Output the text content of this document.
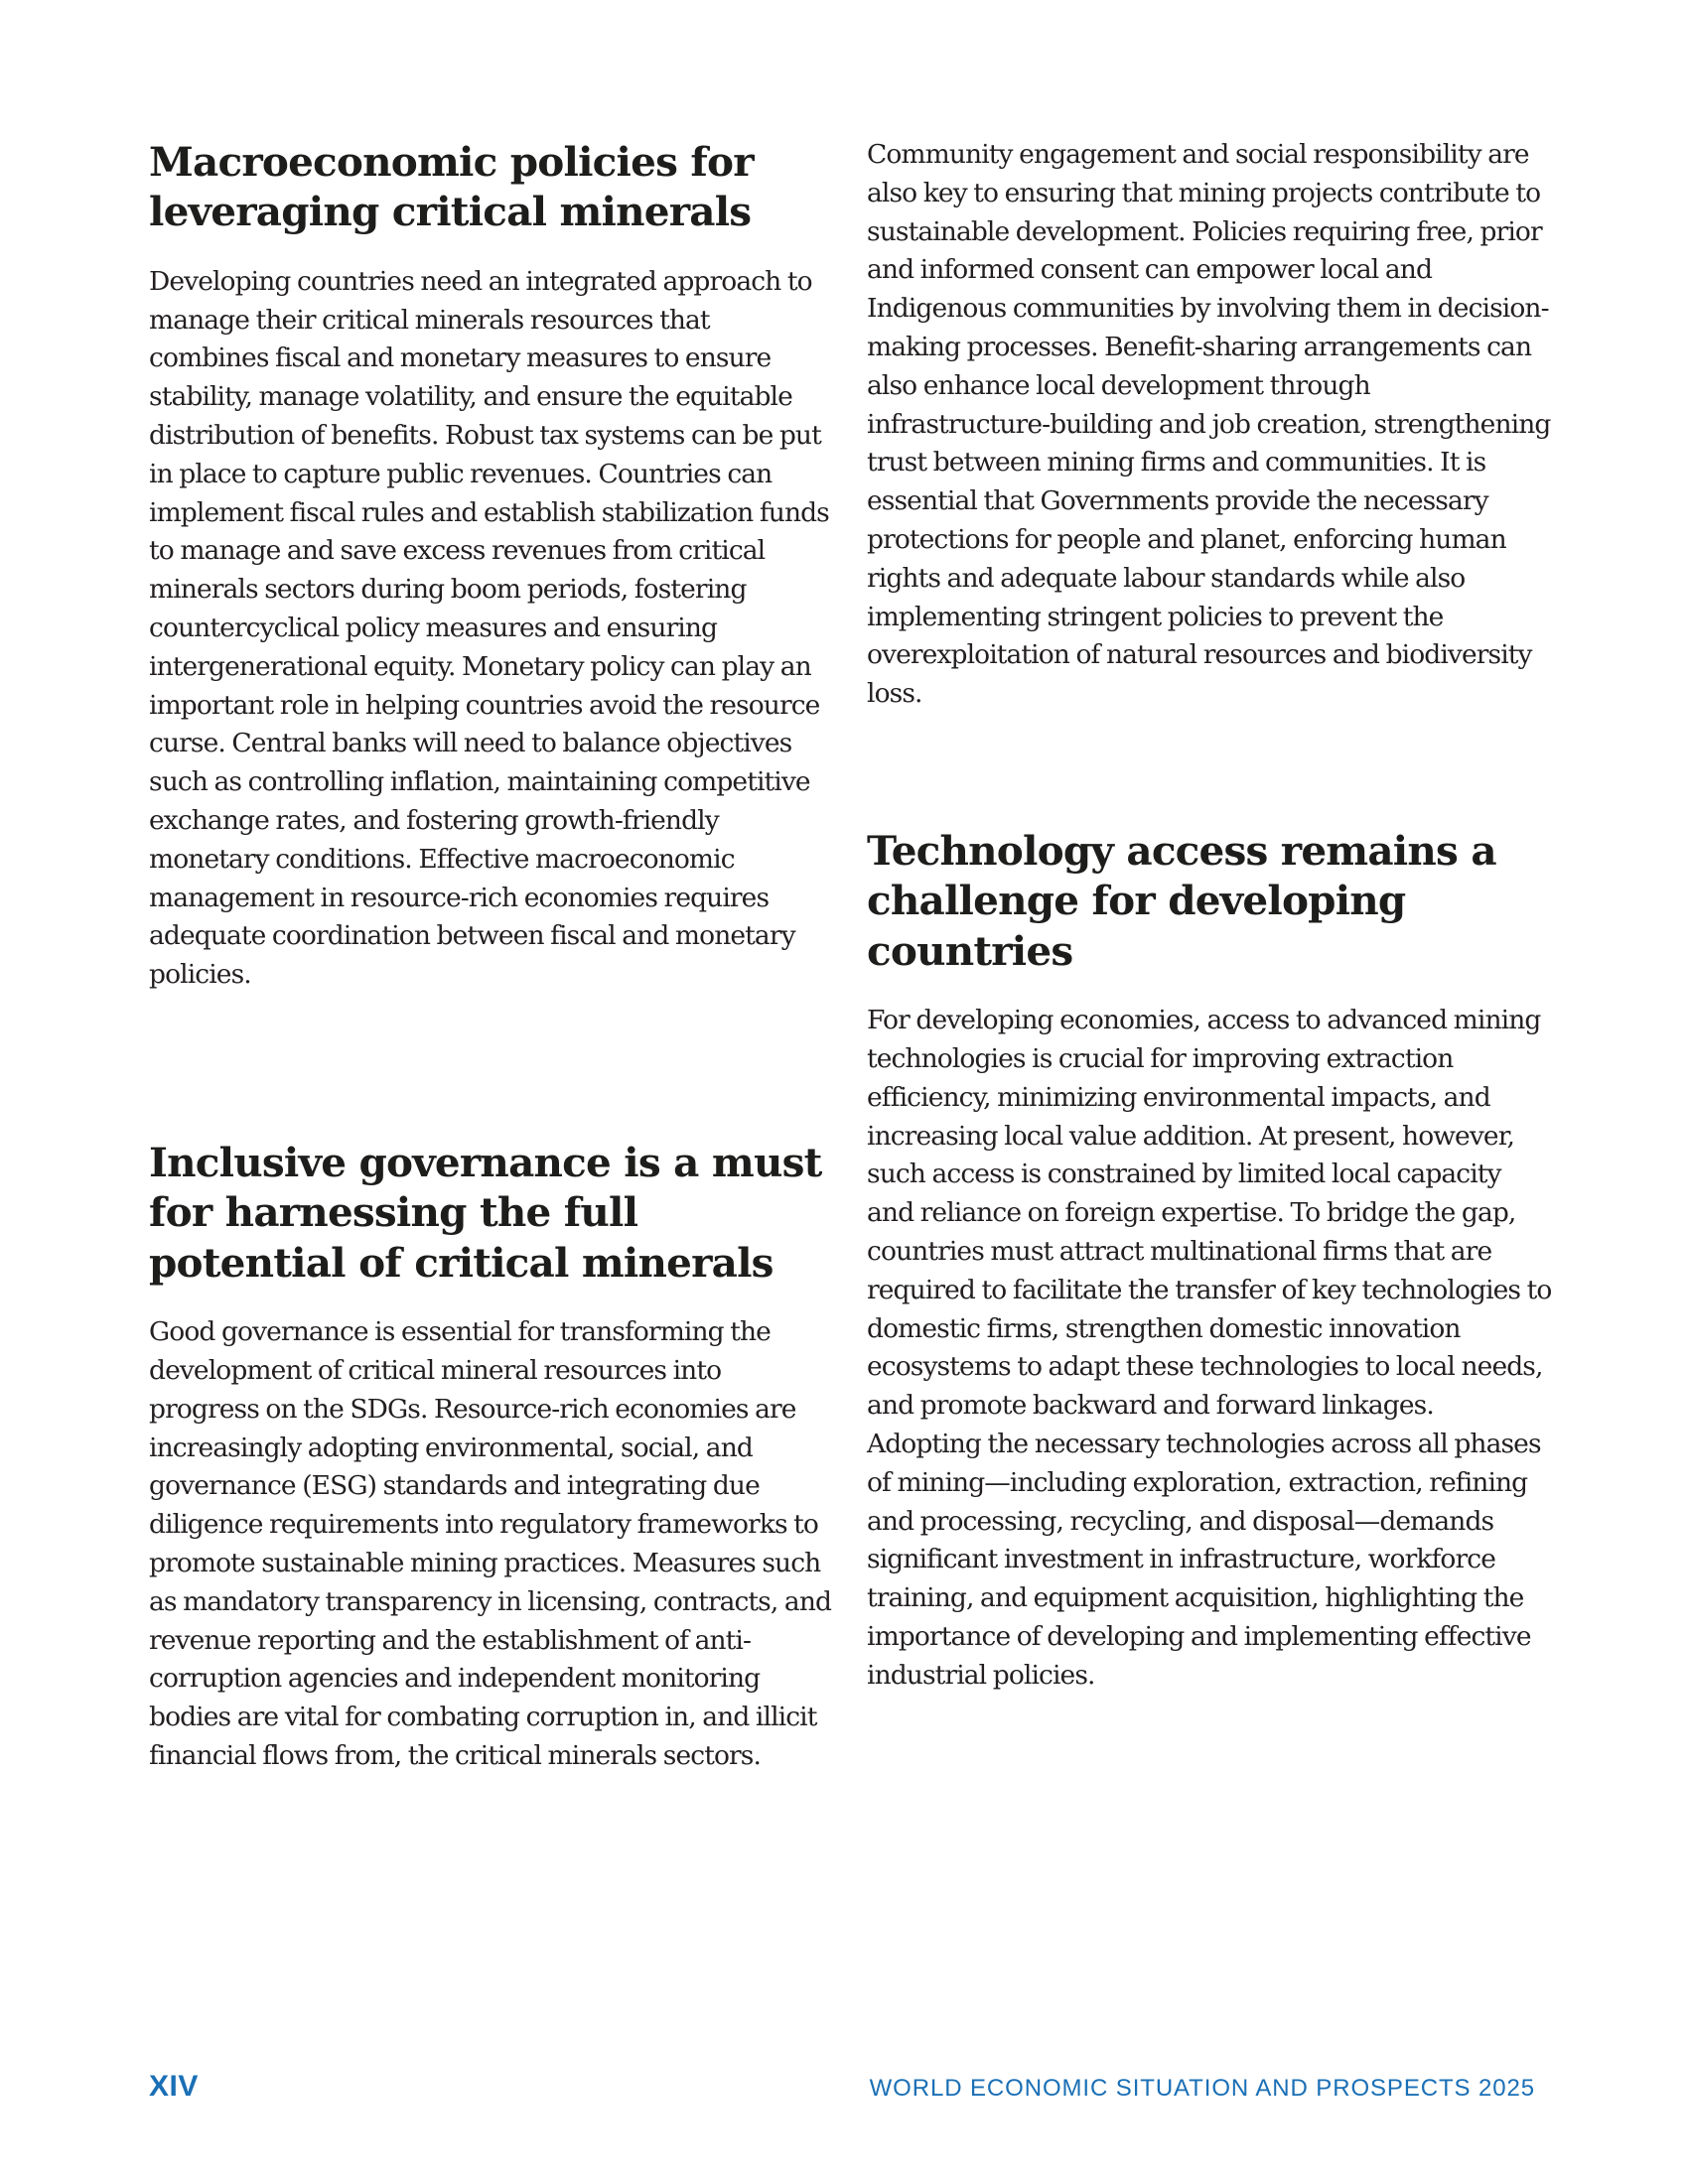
Macroeconomic policies for leveraging critical minerals

Developing countries need an integrated approach to manage their critical minerals resources that combines fiscal and monetary measures to ensure stability, manage volatility, and ensure the equitable distribution of benefits. Robust tax systems can be put in place to capture public revenues. Countries can implement fiscal rules and establish stabilization funds to manage and save excess revenues from critical minerals sectors during boom periods, fostering countercyclical policy measures and ensuring intergenerational equity. Monetary policy can play an important role in helping countries avoid the resource curse. Central banks will need to balance objectives such as controlling inflation, maintaining competitive exchange rates, and fostering growth-friendly monetary conditions. Effective macroeconomic management in resource-rich economies requires adequate coordination between fiscal and monetary policies.

Inclusive governance is a must for harnessing the full potential of critical minerals

Good governance is essential for transforming the development of critical mineral resources into progress on the SDGs. Resource-rich economies are increasingly adopting environmental, social, and governance (ESG) standards and integrating due diligence requirements into regulatory frameworks to promote sustainable mining practices. Measures such as mandatory transparency in licensing, contracts, and revenue reporting and the establishment of anti-corruption agencies and independent monitoring bodies are vital for combating corruption in, and illicit financial flows from, the critical minerals sectors.

Community engagement and social responsibility are also key to ensuring that mining projects contribute to sustainable development. Policies requiring free, prior and informed consent can empower local and Indigenous communities by involving them in decision-making processes. Benefit-sharing arrangements can also enhance local development through infrastructure-building and job creation, strengthening trust between mining firms and communities. It is essential that Governments provide the necessary protections for people and planet, enforcing human rights and adequate labour standards while also implementing stringent policies to prevent the overexploitation of natural resources and biodiversity loss.

Technology access remains a challenge for developing countries

For developing economies, access to advanced mining technologies is crucial for improving extraction efficiency, minimizing environmental impacts, and increasing local value addition. At present, however, such access is constrained by limited local capacity and reliance on foreign expertise. To bridge the gap, countries must attract multinational firms that are required to facilitate the transfer of key technologies to domestic firms, strengthen domestic innovation ecosystems to adapt these technologies to local needs, and promote backward and forward linkages. Adopting the necessary technologies across all phases of mining—including exploration, extraction, refining and processing, recycling, and disposal—demands significant investment in infrastructure, workforce training, and equipment acquisition, highlighting the importance of developing and implementing effective industrial policies.

XIV	WORLD ECONOMIC SITUATION AND PROSPECTS 2025
